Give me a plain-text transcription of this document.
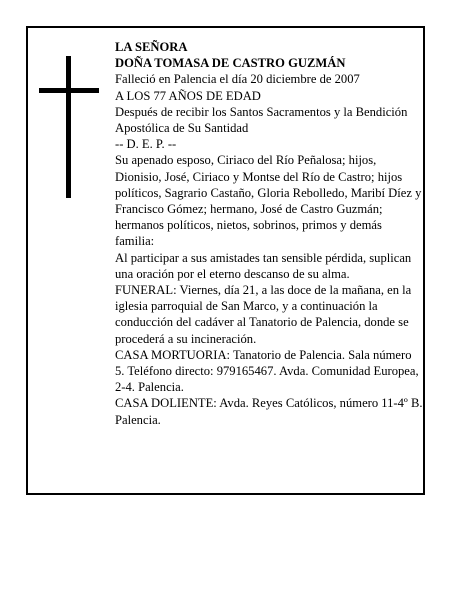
LA SEÑORA
DOÑA TOMASA DE CASTRO GUZMÁN
Falleció en Palencia el día 20 diciembre de 2007
A LOS 77 AÑOS DE EDAD

Después de recibir los Santos Sacramentos y la Bendición Apostólica de Su Santidad

-- D. E. P. --

Su apenado esposo, Ciriaco del Río Peñalosa; hijos, Dionisio, José, Ciriaco y Montse del Río de Castro; hijos políticos, Sagrario Castaño, Gloria Rebolledo, Maribí Díez y Francisco Gómez; hermano, José de Castro Guzmán; hermanos políticos, nietos, sobrinos, primos y demás familia:

Al participar a sus amistades tan sensible pérdida, suplican una oración por el eterno descanso de su alma.

FUNERAL: Viernes, día 21, a las doce de la mañana, en la iglesia parroquial de San Marco, y a continuación la conducción del cadáver al Tanatorio de Palencia, donde se procederá a su incineración.

CASA MORTUORIA: Tanatorio de Palencia. Sala número 5. Teléfono directo: 979165467. Avda. Comunidad Europea, 2-4. Palencia.

CASA DOLIENTE: Avda. Reyes Católicos, número 11-4º B. Palencia.
